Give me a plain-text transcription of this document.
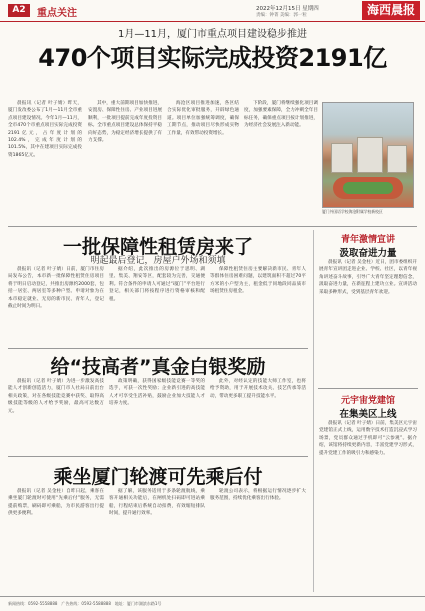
A2	重点关注	2022年12月15日 星期四
责编：钟菁 美编：郭一粒	海西晨报
1月—11月，厦门市重点项目建设稳步推进
470个项目实际完成投资2191亿

晨报讯（记者 叶子婧）昨天，厦门发改委公布了1月—11月全市重点项目建设情况。今年1月—11月，全市470个市重点项目实际完成投资2191亿元，占年度计划的102.4%，完成年度计划的101.5%，其中在建项目实际完成投资1865亿元。

其中，重大前期项目加快推进，安置房、保障性住房、产业项目进展顺利，一批项目提前完成年度投资目标。全市重点项目建设总体保持平稳向好态势，为稳定经济增长提供了有力支撑。

海沧区项目推进加速，各区结合实际优化审批服务，开辟绿色通道。项目单位加强统筹调度，确保工期节点，推动项目尽快形成实物工作量，有效带动投资增长。

下阶段，厦门将继续强化项目调度，加强要素保障，全力冲刺全年目标任务，确保重点项目按计划推进，为经济社会发展注入新动能。

厦门外国语学校海沧附属学校新校区
一批保障性租赁房来了
明起最后登记，房屋户外场和须填

晨报讯（记者 叶子婧）日前，厦门市住房局发布公告，本市新一批保障性租赁住房项目将于明日启动登记，共推出房源约2000套，包括一居室、两居室等多种户型。申请对象为在本市稳定就业、无房的新市民、青年人，登记截止时间为明日。

据介绍，此次推出的房源位于思明、湖里、集美、翔安等区，配套较为完善，交通便利。符合条件的申请人可通过“i厦门”平台进行登记，相关部门将按程序进行资格审核和配租。

保障性租赁住房主要解决新市民、青年人等群体住房困难问题，以建筑面积不超过70平方米的小户型为主，租金低于同地段同品质市场租赁住房租金。

给“技高者”真金白银奖励

晨报讯（记者 叶子婧）为进一步激发高技能人才创新创造活力，厦门市人社局日前出台相关政策，对在各级技能竞赛中获奖、取得高级技能等级的人才给予奖励，最高可达数万元。

政策明确，获得国家级技能竞赛一等奖的选手，可获一次性奖励；企业新引进的高技能人才可享受生活补贴，鼓励企业加大技能人才培养力度。

此外，对经认定的技能大师工作室，也将给予资助，用于开展技术攻关、技艺传承等活动，带动更多职工提升技能水平。

乘坐厦门轮渡可先乘后付

晨报讯（记者 吴金柱）自昨日起，乘客在乘坐厦门轮渡时可使用“先乘后付”服务，无需提前购票，刷码即可乘船，为市民游客出行提供更多便利。

据了解，该服务适用于多条轮渡航线，乘客开通相关功能后，在闸机处扫码即可进站乘船，行程结束后系统自动扣费，有效缩短排队时间，提升通行效率。

轮渡公司表示，将根据运行情况逐步扩大服务范围，持续优化乘客出行体验。

青年激情宣讲
汲取奋进力量

晨报讯（记者 吴金柱）近日，团市委组织开展青年宣讲团走进企业、学校、社区，以青年视角讲述奋斗故事，引导广大青年坚定理想信念，汲取奋进力量，在新征程上建功立业。宣讲活动采取多种形式，受到基层青年欢迎。

元宇宙党建馆
在集美区上线

晨报讯（记者 叶子婧）日前，集美区元宇宙党建馆正式上线，运用数字技术打造沉浸式学习场景，党员群众通过手机即可“云参观”。据介绍，该馆将持续更新内容，丰富党建学习形式，提升党建工作的吸引力和感染力。

新闻热线：0592-5558888　广告热线：0592-5588888　地址：厦门市湖滨东路1号
